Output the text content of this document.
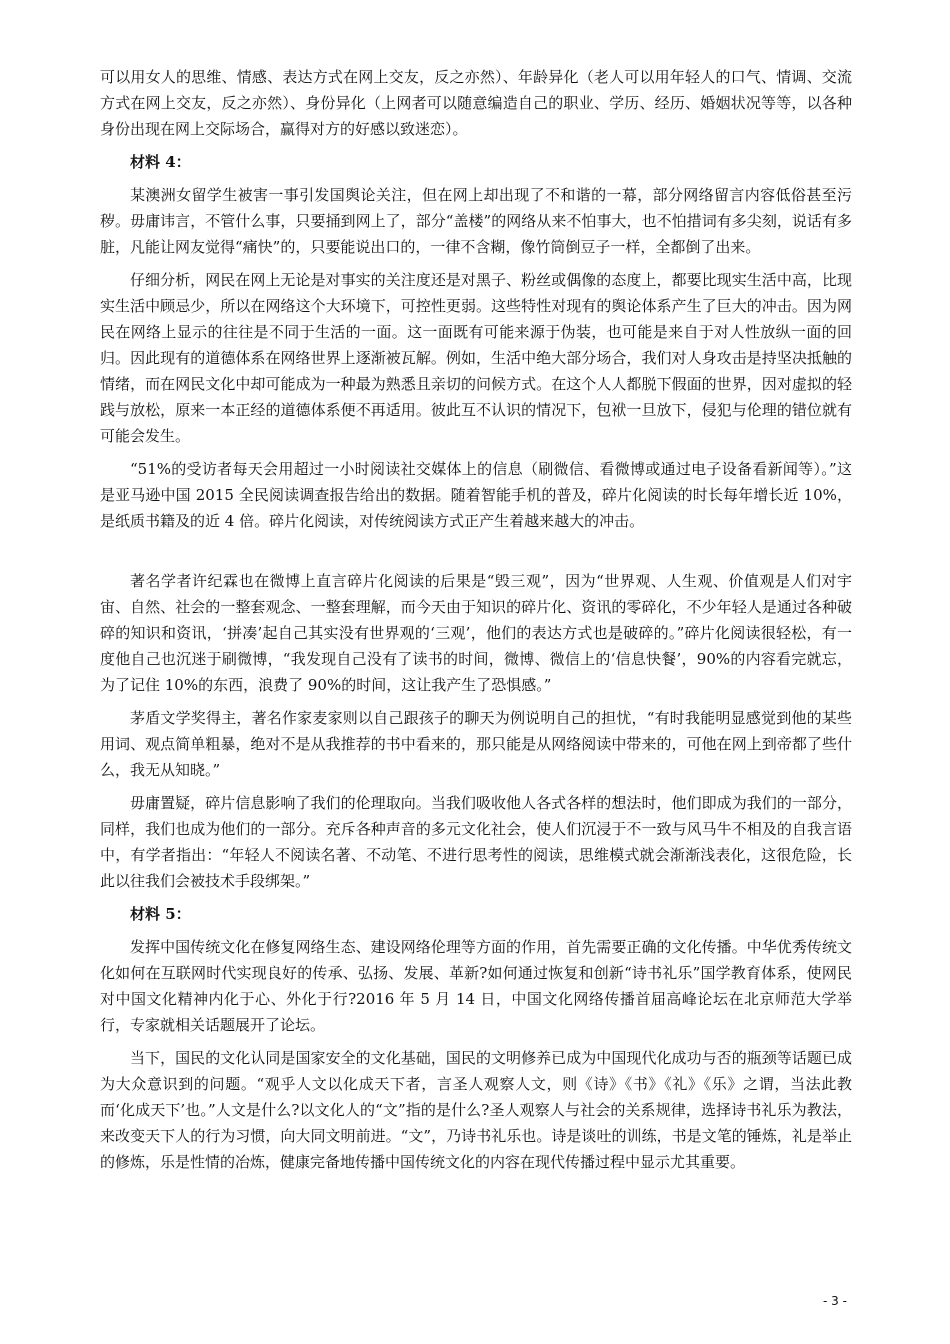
可以用女人的思维、情感、表达方式在网上交友，反之亦然）、年龄异化（老人可以用年轻人的口气、情调、交流方式在网上交友，反之亦然）、身份异化（上网者可以随意编造自己的职业、学历、经历、婚姻状况等等，以各种身份出现在网上交际场合，赢得对方的好感以致迷恋）。

材料 4：

某澳洲女留学生被害一事引发国舆论关注，但在网上却出现了不和谐的一幕，部分网络留言内容低俗甚至污秽。毋庸讳言，不管什么事，只要捅到网上了，部分“盖楼”的网络从来不怕事大，也不怕措词有多尖刻，说话有多脏，凡能让网友觉得“痛快”的，只要能说出口的，一律不含糊，像竹筒倒豆子一样，全都倒了出来。

仔细分析，网民在网上无论是对事实的关注度还是对黑子、粉丝或偶像的态度上，都要比现实生活中高，比现实生活中顾忌少，所以在网络这个大环境下，可控性更弱。这些特性对现有的舆论体系产生了巨大的冲击。因为网民在网络上显示的往往是不同于生活的一面。这一面既有可能来源于伪装，也可能是来自于对人性放纵一面的回归。因此现有的道德体系在网络世界上逐渐被瓦解。例如，生活中绝大部分场合，我们对人身攻击是持坚决抵触的情绪，而在网民文化中却可能成为一种最为熟悉且亲切的问候方式。在这个人人都脱下假面的世界，因对虚拟的轻践与放松，原来一本正经的道德体系便不再适用。彼此互不认识的情况下，包袱一旦放下，侵犯与伦理的错位就有可能会发生。

“51%的受访者每天会用超过一小时阅读社交媒体上的信息（刷微信、看微博或通过电子设备看新闻等）。”这是亚马逊中国 2015 全民阅读调查报告给出的数据。随着智能手机的普及，碎片化阅读的时长每年增长近 10%，是纸质书籍及的近 4 倍。碎片化阅读，对传统阅读方式正产生着越来越大的冲击。

著名学者许纪霖也在微博上直言碎片化阅读的后果是“毁三观”，因为“世界观、人生观、价值观是人们对宇宙、自然、社会的一整套观念、一整套理解，而今天由于知识的碎片化、资讯的零碎化，不少年轻人是通过各种破碎的知识和资讯，‘拼凑’起自己其实没有世界观的‘三观’，他们的表达方式也是破碎的。”碎片化阅读很轻松，有一度他自己也沉迷于刷微博，“我发现自己没有了读书的时间，微博、微信上的‘信息快餐’，90%的内容看完就忘，为了记住 10%的东西，浪费了 90%的时间，这让我产生了恐惧感。”

茅盾文学奖得主，著名作家麦家则以自己跟孩子的聊天为例说明自己的担忧，“有时我能明显感觉到他的某些用词、观点简单粗暴，绝对不是从我推荐的书中看来的，那只能是从网络阅读中带来的，可他在网上到帝都了些什么，我无从知晓。”

毋庸置疑，碎片信息影响了我们的伦理取向。当我们吸收他人各式各样的想法时，他们即成为我们的一部分，同样，我们也成为他们的一部分。充斥各种声音的多元文化社会，使人们沉浸于不一致与风马牛不相及的自我言语中，有学者指出：“年轻人不阅读名著、不动笔、不进行思考性的阅读，思维模式就会渐渐浅表化，这很危险，长此以往我们会被技术手段绑架。”

材料 5：

发挥中国传统文化在修复网络生态、建设网络伦理等方面的作用，首先需要正确的文化传播。中华优秀传统文化如何在互联网时代实现良好的传承、弘扬、发展、革新?如何通过恢复和创新“诗书礼乐”国学教育体系，使网民对中国文化精神内化于心、外化于行?2016 年 5 月 14 日，中国文化网络传播首届高峰论坛在北京师范大学举行，专家就相关话题展开了论坛。

当下，国民的文化认同是国家安全的文化基础，国民的文明修养已成为中国现代化成功与否的瓶颈等话题已成为大众意识到的问题。“观乎人文以化成天下者，言圣人观察人文，则《诗》《书》《礼》《乐》之谓，当法此教而‘化成天下’也。”人文是什么?以文化人的“文”指的是什么?圣人观察人与社会的关系规律，选择诗书礼乐为教法，来改变天下人的行为习惯，向大同文明前进。“文”，乃诗书礼乐也。诗是谈吐的训练，书是文笔的锤炼，礼是举止的修炼，乐是性情的冶炼，健康完备地传播中国传统文化的内容在现代传播过程中显示尤其重要。

- 3 -
